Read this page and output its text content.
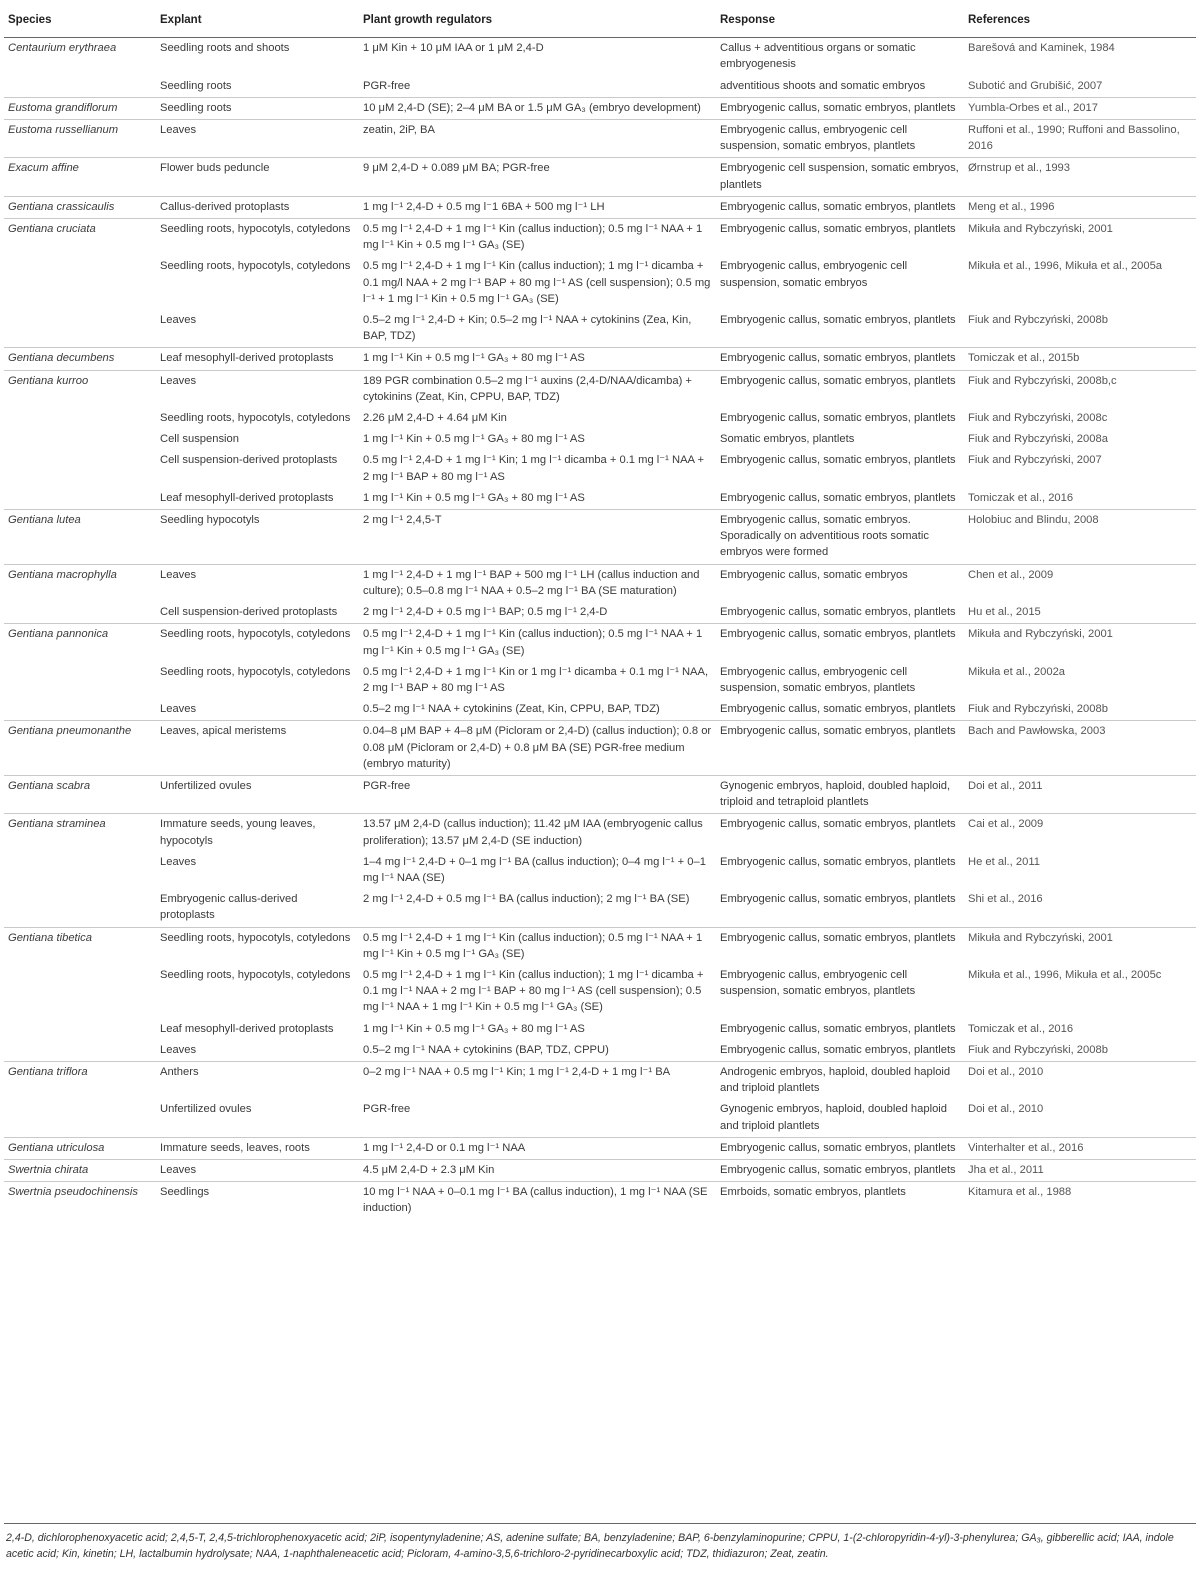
Species	Explant	Plant growth regulators	Response	References
Centaurium erythraea	Seedling roots and shoots	1 μM Kin + 10 μM IAA or 1 μM 2,4-D	Callus + adventitious organs or somatic embryogenesis	Barešová and Kaminek, 1984
	Seedling roots	PGR-free	adventitious shoots and somatic embryos	Subotić and Grubišić, 2007
Eustoma grandiflorum	Seedling roots	10 μM 2,4-D (SE); 2–4 μM BA or 1.5 μM GA₃ (embryo development)	Embryogenic callus, somatic embryos, plantlets	Yumbla-Orbes et al., 2017
Eustoma russellianum	Leaves	zeatin, 2iP, BA	Embryogenic callus, embryogenic cell suspension, somatic embryos, plantlets	Ruffoni et al., 1990; Ruffoni and Bassolino, 2016
Exacum affine	Flower buds peduncle	9 μM 2,4-D + 0.089 μM BA; PGR-free	Embryogenic cell suspension, somatic embryos, plantlets	Ørnstrup et al., 1993
Gentiana crassicaulis	Callus-derived protoplasts	1 mg l⁻¹ 2,4-D + 0.5 mg l⁻1 6BA + 500 mg l⁻¹ LH	Embryogenic callus, somatic embryos, plantlets	Meng et al., 1996
Gentiana cruciata	Seedling roots, hypocotyls, cotyledons	0.5 mg l⁻¹ 2,4-D + 1 mg l⁻¹ Kin (callus induction); 0.5 mg l⁻¹ NAA + 1 mg l⁻¹ Kin + 0.5 mg l⁻¹ GA₃ (SE)	Embryogenic callus, somatic embryos, plantlets	Mikuła and Rybczyński, 2001
	Seedling roots, hypocotyls, cotyledons	0.5 mg l⁻¹ 2,4-D + 1 mg l⁻¹ Kin (callus induction); 1 mg l⁻¹ dicamba + 0.1 mg/l NAA + 2 mg l⁻¹ BAP + 80 mg l⁻¹ AS (cell suspension); 0.5 mg l⁻¹ + 1 mg l⁻¹ Kin + 0.5 mg l⁻¹ GA₃ (SE)	Embryogenic callus, embryogenic cell suspension, somatic embryos	Mikuła et al., 1996, Mikuła et al., 2005a
	Leaves	0.5–2 mg l⁻¹ 2,4-D + Kin; 0.5–2 mg l⁻¹ NAA + cytokinins (Zea, Kin, BAP, TDZ)	Embryogenic callus, somatic embryos, plantlets	Fiuk and Rybczyński, 2008b
Gentiana decumbens	Leaf mesophyll-derived protoplasts	1 mg l⁻¹ Kin + 0.5 mg l⁻¹ GA₃ + 80 mg l⁻¹ AS	Embryogenic callus, somatic embryos, plantlets	Tomiczak et al., 2015b
Gentiana kurroo	Leaves	189 PGR combination 0.5–2 mg l⁻¹ auxins (2,4-D/NAA/dicamba) + cytokinins (Zeat, Kin, CPPU, BAP, TDZ)	Embryogenic callus, somatic embryos, plantlets	Fiuk and Rybczyński, 2008b,c
	Seedling roots, hypocotyls, cotyledons	2.26 μM 2,4-D + 4.64 μM Kin	Embryogenic callus, somatic embryos, plantlets	Fiuk and Rybczyński, 2008c
	Cell suspension	1 mg l⁻¹ Kin + 0.5 mg l⁻¹ GA₃ + 80 mg l⁻¹ AS	Somatic embryos, plantlets	Fiuk and Rybczyński, 2008a
	Cell suspension-derived protoplasts	0.5 mg l⁻¹ 2,4-D + 1 mg l⁻¹ Kin; 1 mg l⁻¹ dicamba + 0.1 mg l⁻¹ NAA + 2 mg l⁻¹ BAP + 80 mg l⁻¹ AS	Embryogenic callus, somatic embryos, plantlets	Fiuk and Rybczyński, 2007
	Leaf mesophyll-derived protoplasts	1 mg l⁻¹ Kin + 0.5 mg l⁻¹ GA₃ + 80 mg l⁻¹ AS	Embryogenic callus, somatic embryos, plantlets	Tomiczak et al., 2016
Gentiana lutea	Seedling hypocotyls	2 mg l⁻¹ 2,4,5-T	Embryogenic callus, somatic embryos. Sporadically on adventitious roots somatic embryos were formed	Holobiuc and Blindu, 2008
Gentiana macrophylla	Leaves	1 mg l⁻¹ 2,4-D + 1 mg l⁻¹ BAP + 500 mg l⁻¹ LH (callus induction and culture); 0.5–0.8 mg l⁻¹ NAA + 0.5–2 mg l⁻¹ BA (SE maturation)	Embryogenic callus, somatic embryos	Chen et al., 2009
	Cell suspension-derived protoplasts	2 mg l⁻¹ 2,4-D + 0.5 mg l⁻¹ BAP; 0.5 mg l⁻¹ 2,4-D	Embryogenic callus, somatic embryos, plantlets	Hu et al., 2015
Gentiana pannonica	Seedling roots, hypocotyls, cotyledons	0.5 mg l⁻¹ 2,4-D + 1 mg l⁻¹ Kin (callus induction); 0.5 mg l⁻¹ NAA + 1 mg l⁻¹ Kin + 0.5 mg l⁻¹ GA₃ (SE)	Embryogenic callus, somatic embryos, plantlets	Mikuła and Rybczyński, 2001
	Seedling roots, hypocotyls, cotyledons	0.5 mg l⁻¹ 2,4-D + 1 mg l⁻¹ Kin or 1 mg l⁻¹ dicamba + 0.1 mg l⁻¹ NAA, 2 mg l⁻¹ BAP + 80 mg l⁻¹ AS	Embryogenic callus, embryogenic cell suspension, somatic embryos, plantlets	Mikuła et al., 2002a
	Leaves	0.5–2 mg l⁻¹ NAA + cytokinins (Zeat, Kin, CPPU, BAP, TDZ)	Embryogenic callus, somatic embryos, plantlets	Fiuk and Rybczyński, 2008b
Gentiana pneumonanthe	Leaves, apical meristems	0.04–8 μM BAP + 4–8 μM (Picloram or 2,4-D) (callus induction); 0.8 or 0.08 μM (Picloram or 2,4-D) + 0.8 μM BA (SE) PGR-free medium (embryo maturity)	Embryogenic callus, somatic embryos, plantlets	Bach and Pawłowska, 2003
Gentiana scabra	Unfertilized ovules	PGR-free	Gynogenic embryos, haploid, doubled haploid, triploid and tetraploid plantlets	Doi et al., 2011
Gentiana straminea	Immature seeds, young leaves, hypocotyls	13.57 μM 2,4-D (callus induction); 11.42 μM IAA (embryogenic callus proliferation); 13.57 μM 2,4-D (SE induction)	Embryogenic callus, somatic embryos, plantlets	Cai et al., 2009
	Leaves	1–4 mg l⁻¹ 2,4-D + 0–1 mg l⁻¹ BA (callus induction); 0–4 mg l⁻¹ + 0–1 mg l⁻¹ NAA (SE)	Embryogenic callus, somatic embryos, plantlets	He et al., 2011
	Embryogenic callus-derived protoplasts	2 mg l⁻¹ 2,4-D + 0.5 mg l⁻¹ BA (callus induction); 2 mg l⁻¹ BA (SE)	Embryogenic callus, somatic embryos, plantlets	Shi et al., 2016
Gentiana tibetica	Seedling roots, hypocotyls, cotyledons	0.5 mg l⁻¹ 2,4-D + 1 mg l⁻¹ Kin (callus induction); 0.5 mg l⁻¹ NAA + 1 mg l⁻¹ Kin + 0.5 mg l⁻¹ GA₃ (SE)	Embryogenic callus, somatic embryos, plantlets	Mikuła and Rybczyński, 2001
	Seedling roots, hypocotyls, cotyledons	0.5 mg l⁻¹ 2,4-D + 1 mg l⁻¹ Kin (callus induction); 1 mg l⁻¹ dicamba + 0.1 mg l⁻¹ NAA + 2 mg l⁻¹ BAP + 80 mg l⁻¹ AS (cell suspension); 0.5 mg l⁻¹ NAA + 1 mg l⁻¹ Kin + 0.5 mg l⁻¹ GA₃ (SE)	Embryogenic callus, embryogenic cell suspension, somatic embryos, plantlets	Mikuła et al., 1996, Mikuła et al., 2005c
	Leaf mesophyll-derived protoplasts	1 mg l⁻¹ Kin + 0.5 mg l⁻¹ GA₃ + 80 mg l⁻¹ AS	Embryogenic callus, somatic embryos, plantlets	Tomiczak et al., 2016
	Leaves	0.5–2 mg l⁻¹ NAA + cytokinins (BAP, TDZ, CPPU)	Embryogenic callus, somatic embryos, plantlets	Fiuk and Rybczyński, 2008b
Gentiana triflora	Anthers	0–2 mg l⁻¹ NAA + 0.5 mg l⁻¹ Kin; 1 mg l⁻¹ 2,4-D + 1 mg l⁻¹ BA	Androgenic embryos, haploid, doubled haploid and triploid plantlets	Doi et al., 2010
	Unfertilized ovules	PGR-free	Gynogenic embryos, haploid, doubled haploid and triploid plantlets	Doi et al., 2010
Gentiana utriculosa	Immature seeds, leaves, roots	1 mg l⁻¹ 2,4-D or 0.1 mg l⁻¹ NAA	Embryogenic callus, somatic embryos, plantlets	Vinterhalter et al., 2016
Swertnia chirata	Leaves	4.5 μM 2,4-D + 2.3 μM Kin	Embryogenic callus, somatic embryos, plantlets	Jha et al., 2011
Swertnia pseudochinensis	Seedlings	10 mg l⁻¹ NAA + 0–0.1 mg l⁻¹ BA (callus induction), 1 mg l⁻¹ NAA (SE induction)	Emrboids, somatic embryos, plantlets	Kitamura et al., 1988
2,4-D, dichlorophenoxyacetic acid; 2,4,5-T, 2,4,5-trichlorophenoxyacetic acid; 2iP, isopentynyladenine; AS, adenine sulfate; BA, benzyladenine; BAP, 6-benzylaminopurine; CPPU, 1-(2-chloropyridin-4-yl)-3-phenylurea; GA₃, gibberellic acid; IAA, indole acetic acid; Kin, kinetin; LH, lactalbumin hydrolysate; NAA, 1-naphthaleneacetic acid; Picloram, 4-amino-3,5,6-trichloro-2-pyridinecarboxylic acid; TDZ, thidiazuron; Zeat, zeatin.
